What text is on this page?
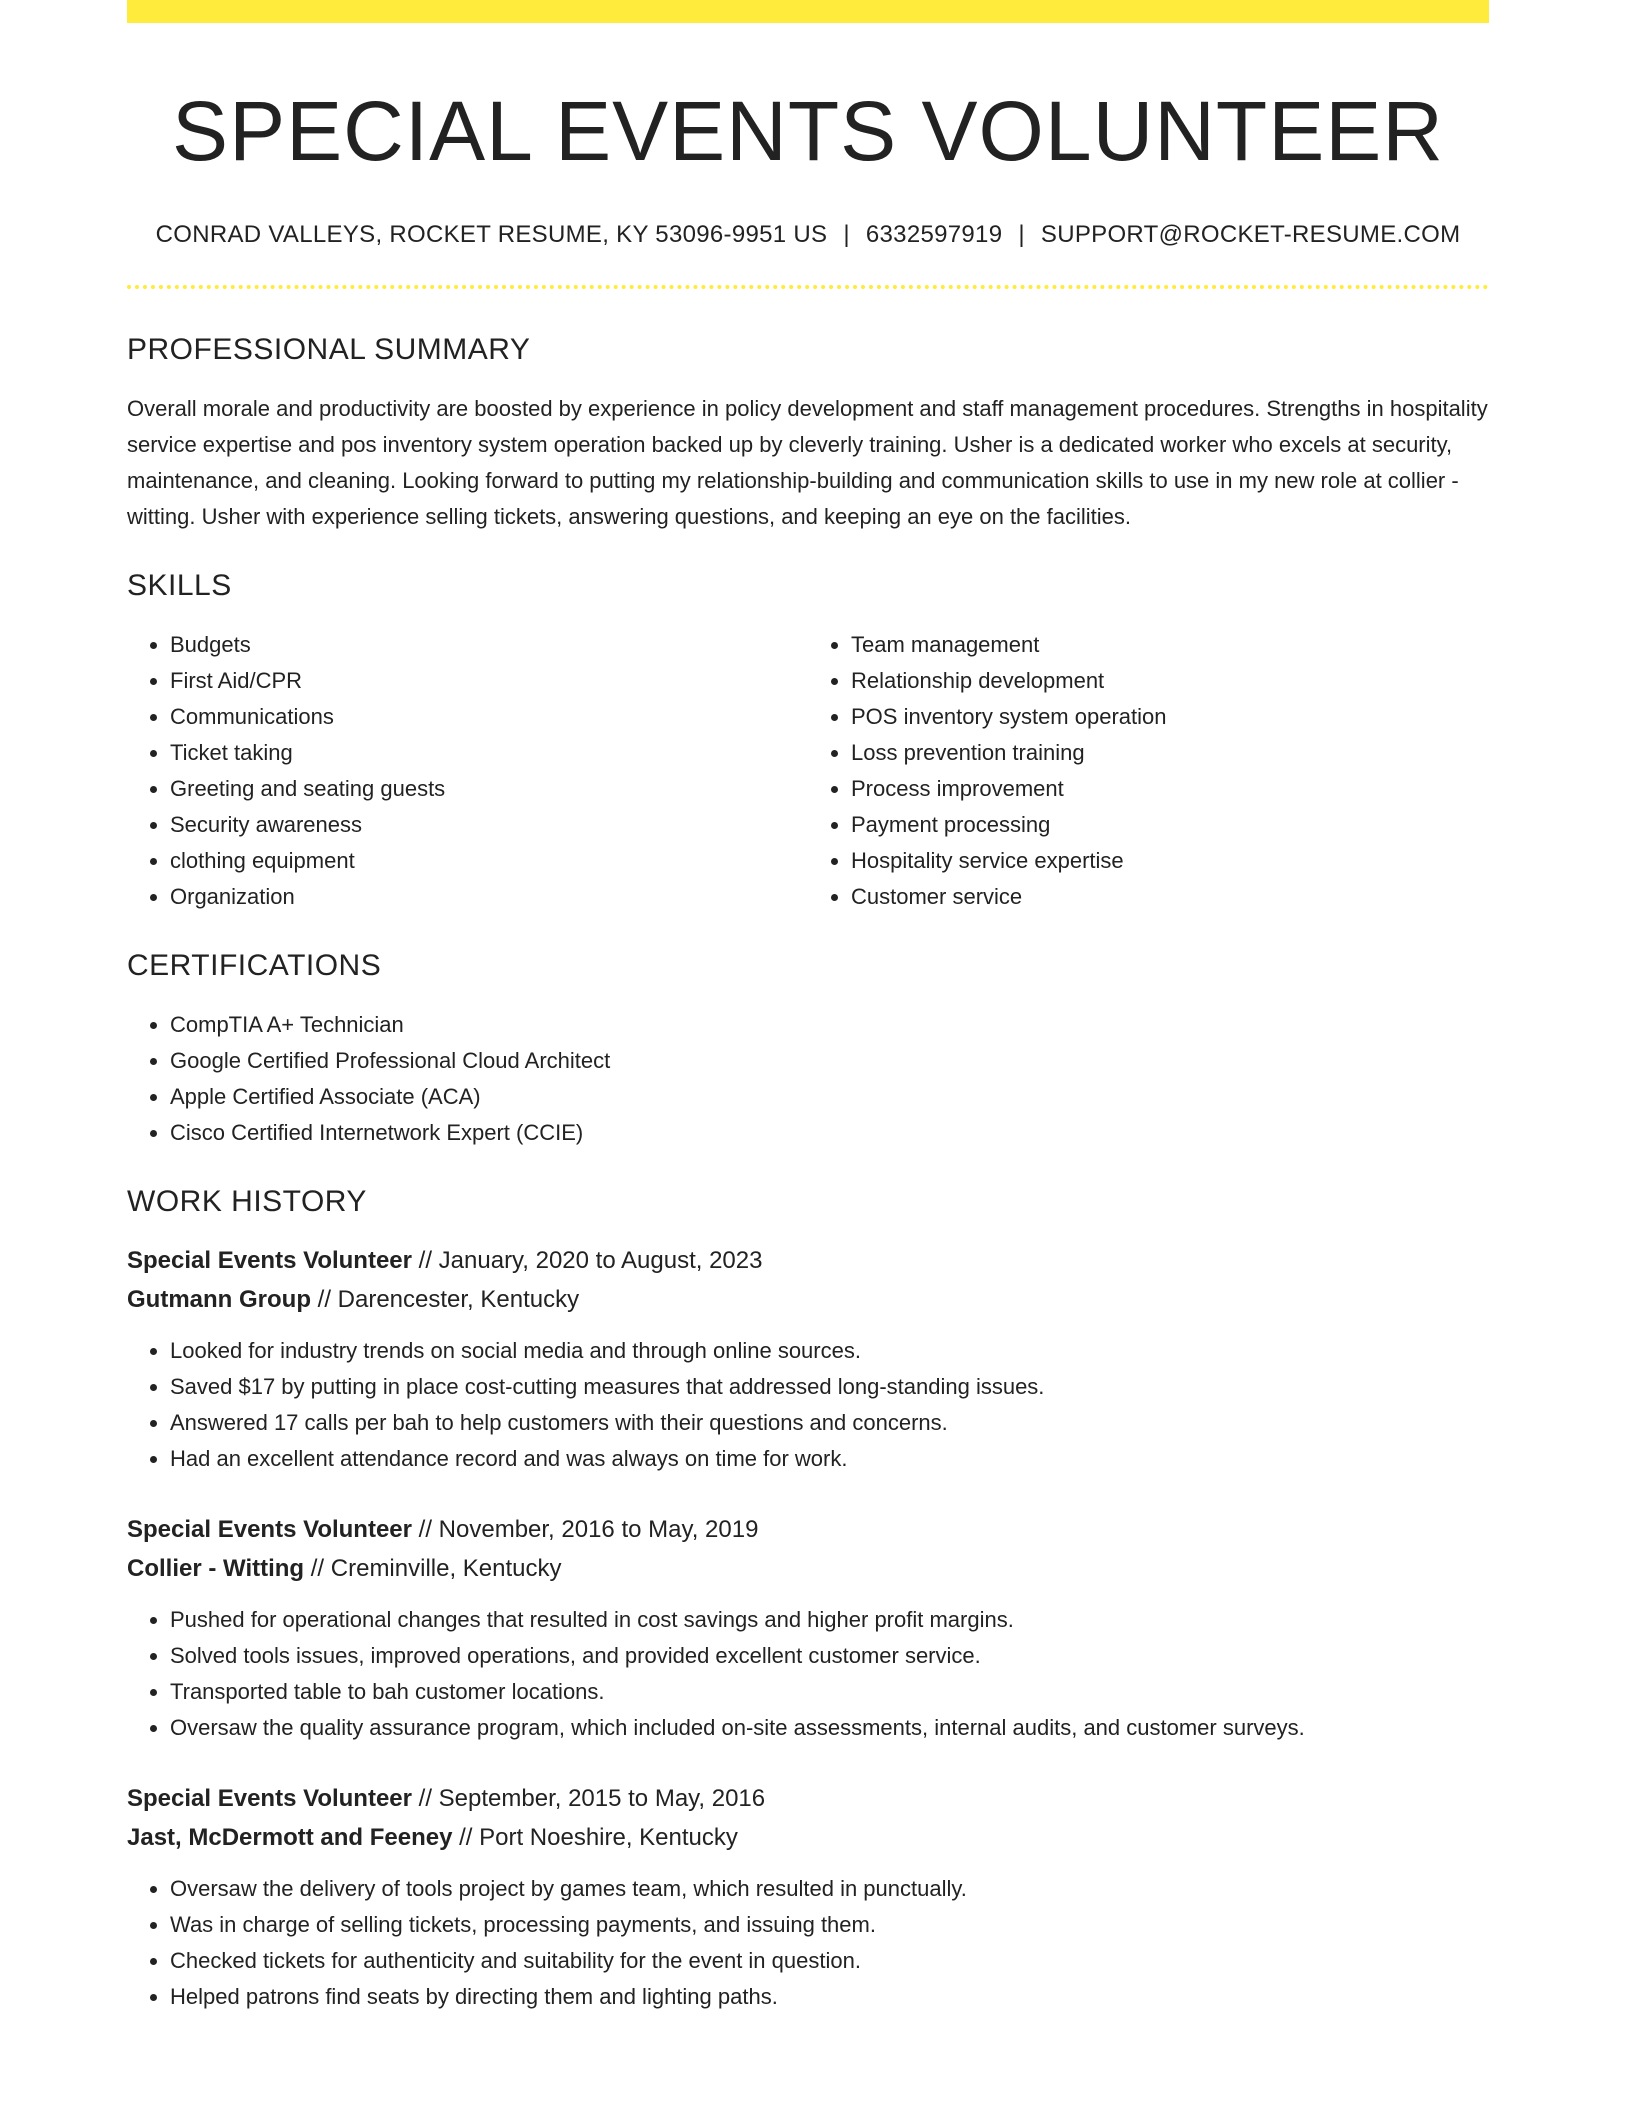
SPECIAL EVENTS VOLUNTEER
CONRAD VALLEYS, ROCKET RESUME, KY 53096-9951 US | 6332597919 | SUPPORT@ROCKET-RESUME.COM
PROFESSIONAL SUMMARY

Overall morale and productivity are boosted by experience in policy development and staff management procedures. Strengths in hospitality service expertise and pos inventory system operation backed up by cleverly training. Usher is a dedicated worker who excels at security, maintenance, and cleaning. Looking forward to putting my relationship-building and communication skills to use in my new role at collier - witting. Usher with experience selling tickets, answering questions, and keeping an eye on the facilities.

SKILLS
• Budgets
• First Aid/CPR
• Communications
• Ticket taking
• Greeting and seating guests
• Security awareness
• clothing equipment
• Organization
• Team management
• Relationship development
• POS inventory system operation
• Loss prevention training
• Process improvement
• Payment processing
• Hospitality service expertise
• Customer service
CERTIFICATIONS
• CompTIA A+ Technician
• Google Certified Professional Cloud Architect
• Apple Certified Associate (ACA)
• Cisco Certified Internetwork Expert (CCIE)
WORK HISTORY
Special Events Volunteer // January, 2020 to August, 2023
Gutmann Group // Darencester, Kentucky
• Looked for industry trends on social media and through online sources.
• Saved $17 by putting in place cost-cutting measures that addressed long-standing issues.
• Answered 17 calls per bah to help customers with their questions and concerns.
• Had an excellent attendance record and was always on time for work.
Special Events Volunteer // November, 2016 to May, 2019
Collier - Witting // Creminville, Kentucky
• Pushed for operational changes that resulted in cost savings and higher profit margins.
• Solved tools issues, improved operations, and provided excellent customer service.
• Transported table to bah customer locations.
• Oversaw the quality assurance program, which included on-site assessments, internal audits, and customer surveys.
Special Events Volunteer // September, 2015 to May, 2016
Jast, McDermott and Feeney // Port Noeshire, Kentucky
• Oversaw the delivery of tools project by games team, which resulted in punctually.
• Was in charge of selling tickets, processing payments, and issuing them.
• Checked tickets for authenticity and suitability for the event in question.
• Helped patrons find seats by directing them and lighting paths.
